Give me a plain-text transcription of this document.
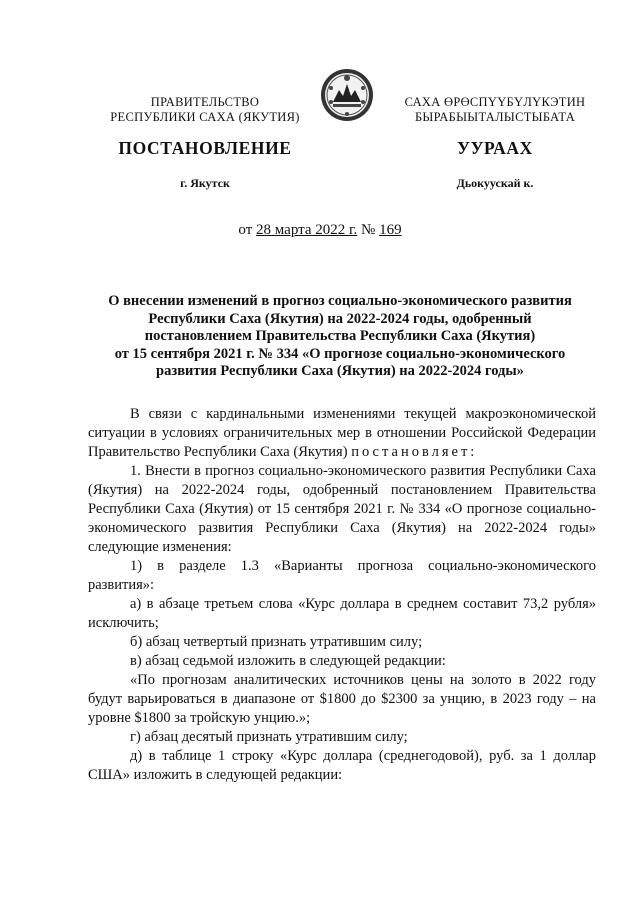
ПРАВИТЕЛЬСТВО
РЕСПУБЛИКИ САХА (ЯКУТИЯ)
САХА ӨРӨСПҮҮБҮЛҮКЭТИН
БЫРАБЫЫТАЛЫСТЫБАТА
ПОСТАНОВЛЕНИЕ	УУРААХ
г. Якутск	Дьокуускай к.
от 28 марта 2022 г. № 169
О внесении изменений в прогноз социально-экономического развития
Республики Саха (Якутия) на 2022-2024 годы, одобренный
постановлением Правительства Республики Саха (Якутия)
от 15 сентября 2021 г. № 334 «О прогнозе социально-экономического
развития Республики Саха (Якутия) на 2022-2024 годы»

В связи с кардинальными изменениями текущей макроэкономической ситуации в условиях ограничительных мер в отношении Российской Федерации Правительство Республики Саха (Якутия) постановляет:

1. Внести в прогноз социально-экономического развития Республики Саха (Якутия) на 2022-2024 годы, одобренный постановлением Правительства Республики Саха (Якутия) от 15 сентября 2021 г. № 334 «О прогнозе социально-экономического развития Республики Саха (Якутия) на 2022-2024 годы» следующие изменения:

1) в разделе 1.3 «Варианты прогноза социально-экономического развития»:

а) в абзаце третьем слова «Курс доллара в среднем составит 73,2 рубля» исключить;

б) абзац четвертый признать утратившим силу;

в) абзац седьмой изложить в следующей редакции:

«По прогнозам аналитических источников цены на золото в 2022 году будут варьироваться в диапазоне от $1800 до $2300 за унцию, в 2023 году – на уровне $1800 за тройскую унцию.»;

г) абзац десятый признать утратившим силу;

д) в таблице 1 строку «Курс доллара (среднегодовой), руб. за 1 доллар США» изложить в следующей редакции:
